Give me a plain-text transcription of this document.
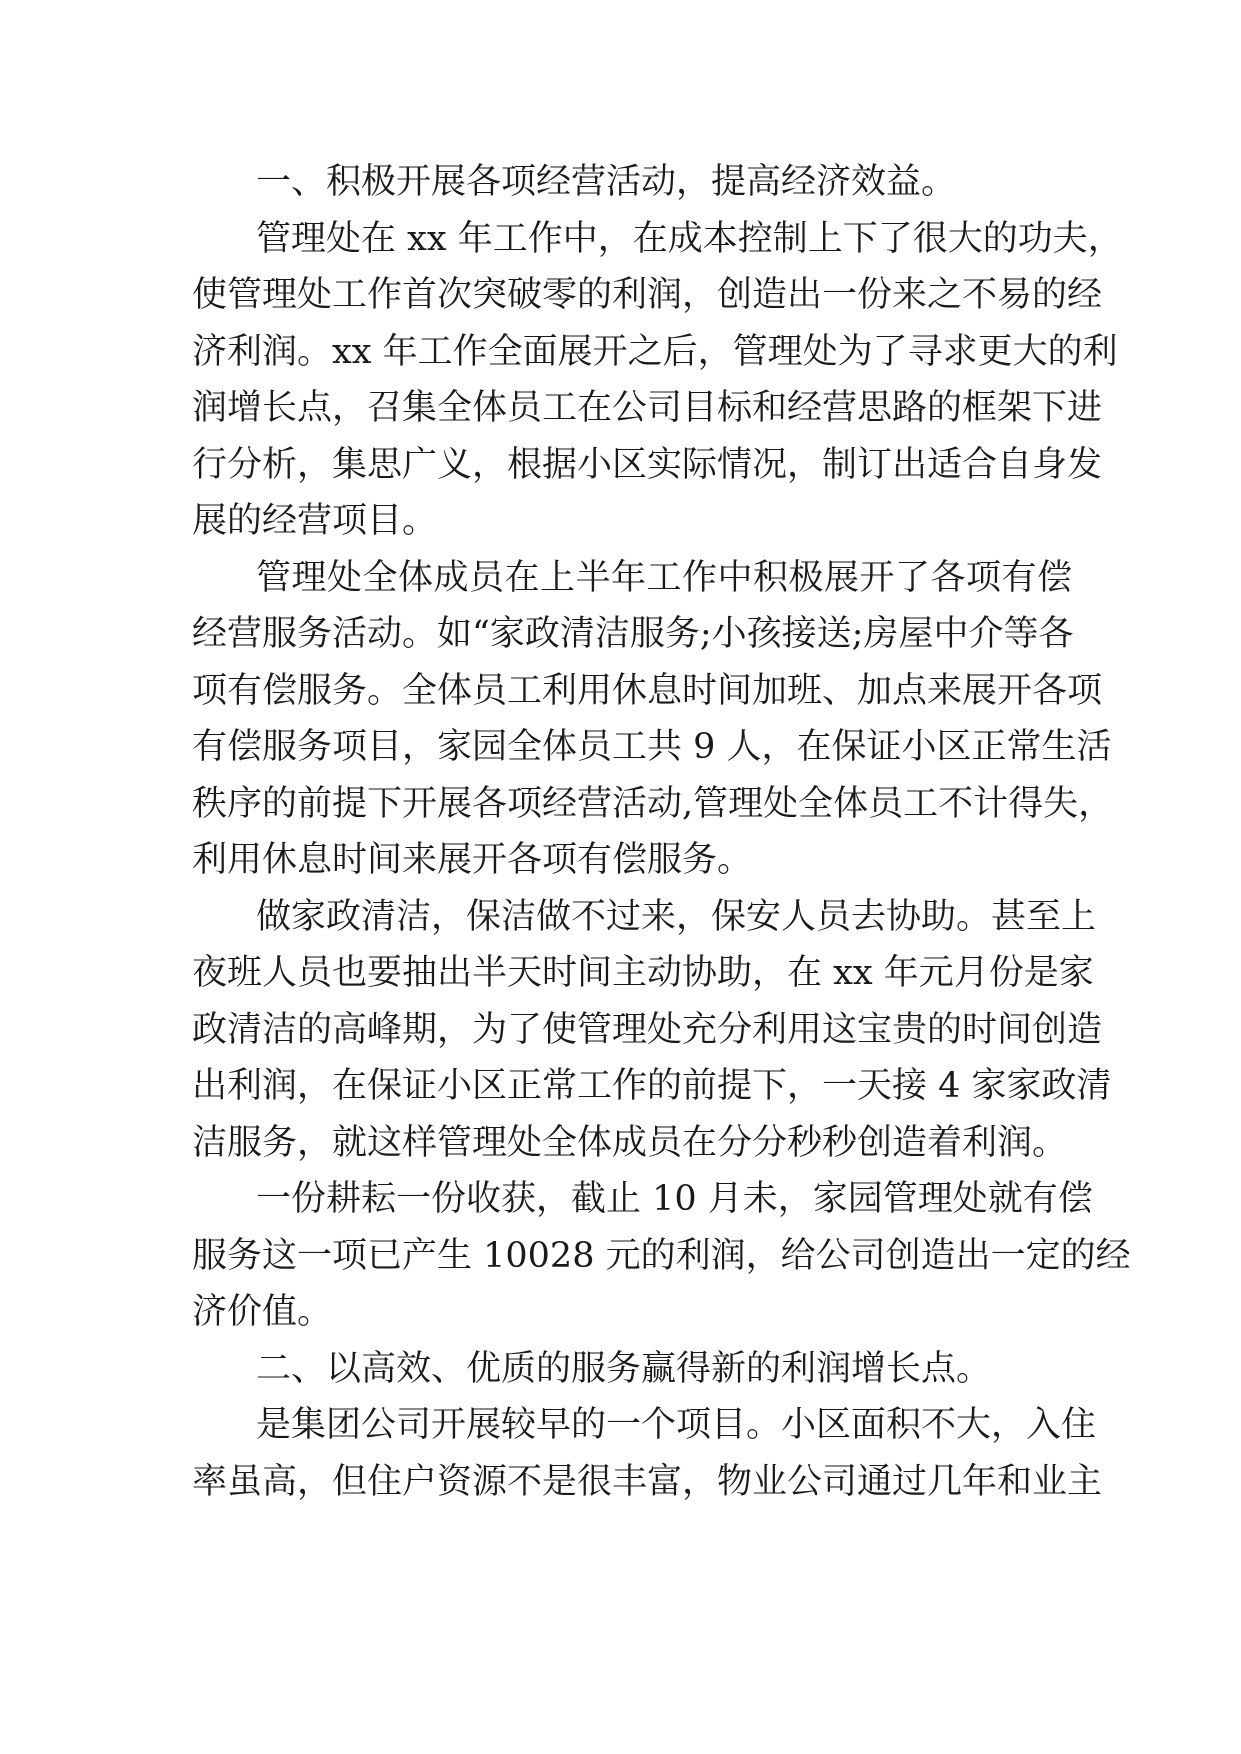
一、积极开展各项经营活动，提高经济效益。
管理处在 xx 年工作中，在成本控制上下了很大的功夫，
使管理处工作首次突破零的利润，创造出一份来之不易的经
济利润。xx 年工作全面展开之后，管理处为了寻求更大的利
润增长点，召集全体员工在公司目标和经营思路的框架下进
行分析，集思广义，根据小区实际情况，制订出适合自身发
展的经营项目。
管理处全体成员在上半年工作中积极展开了各项有偿
经营服务活动。如“家政清洁服务;小孩接送;房屋中介等各
项有偿服务。全体员工利用休息时间加班、加点来展开各项
有偿服务项目，家园全体员工共 9 人，在保证小区正常生活
秩序的前提下开展各项经营活动,管理处全体员工不计得失，
利用休息时间来展开各项有偿服务。
做家政清洁，保洁做不过来，保安人员去协助。甚至上
夜班人员也要抽出半天时间主动协助，在 xx 年元月份是家
政清洁的高峰期，为了使管理处充分利用这宝贵的时间创造
出利润，在保证小区正常工作的前提下，一天接 4 家家政清
洁服务，就这样管理处全体成员在分分秒秒创造着利润。
一份耕耘一份收获，截止 10 月未，家园管理处就有偿
服务这一项已产生 10028 元的利润，给公司创造出一定的经
济价值。
二、以高效、优质的服务赢得新的利润增长点。
是集团公司开展较早的一个项目。小区面积不大，入住
率虽高，但住户资源不是很丰富，物业公司通过几年和业主
